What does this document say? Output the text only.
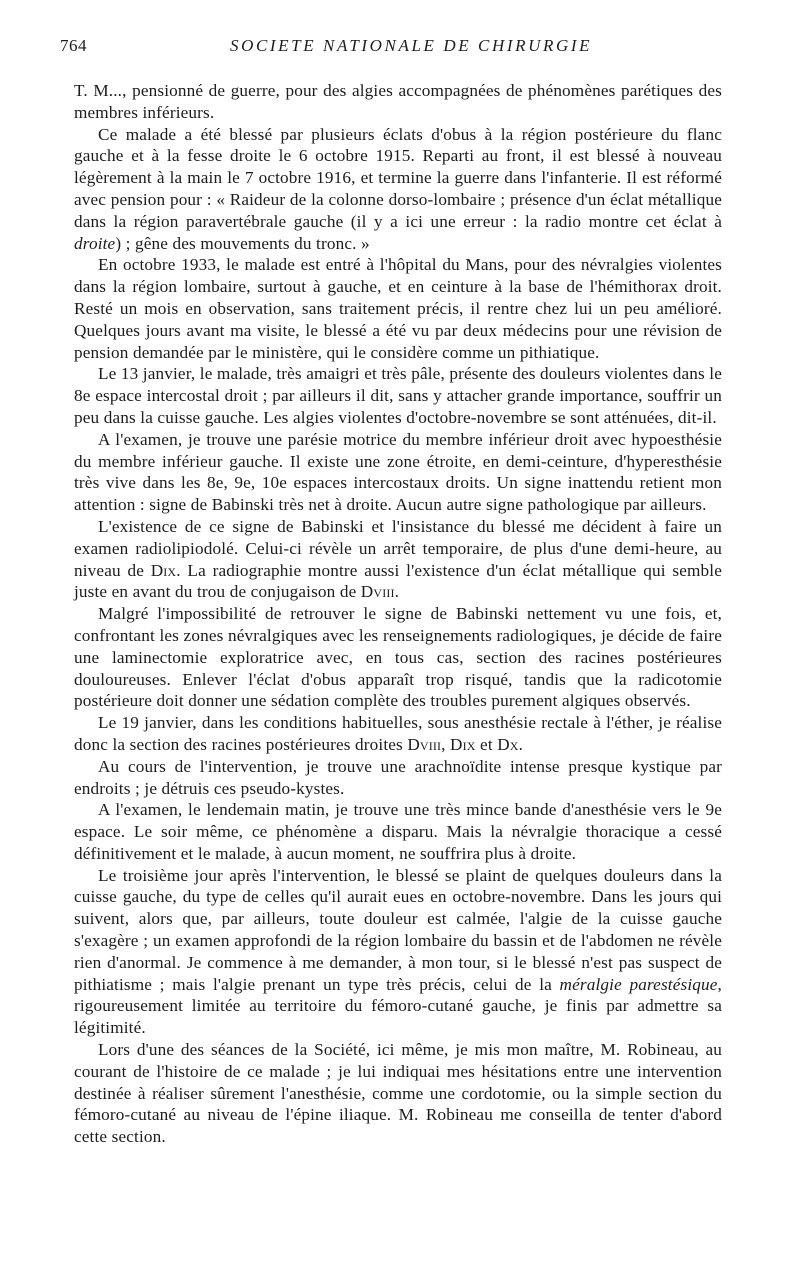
764	SOCIETE NATIONALE DE CHIRURGIE

T. M..., pensionné de guerre, pour des algies accompagnées de phénomènes parétiques des membres inférieurs.

Ce malade a été blessé par plusieurs éclats d'obus à la région postérieure du flanc gauche et à la fesse droite le 6 octobre 1915. Reparti au front, il est blessé à nouveau légèrement à la main le 7 octobre 1916, et termine la guerre dans l'infanterie. Il est réformé avec pension pour : « Raideur de la colonne dorso-lombaire ; présence d'un éclat métallique dans la région paravertébrale gauche (il y a ici une erreur : la radio montre cet éclat à droite) ; gêne des mouvements du tronc. »

En octobre 1933, le malade est entré à l'hôpital du Mans, pour des névralgies violentes dans la région lombaire, surtout à gauche, et en ceinture à la base de l'hémithorax droit. Resté un mois en observation, sans traitement précis, il rentre chez lui un peu amélioré. Quelques jours avant ma visite, le blessé a été vu par deux médecins pour une révision de pension demandée par le ministère, qui le considère comme un pithiatique.

Le 13 janvier, le malade, très amaigri et très pâle, présente des douleurs violentes dans le 8e espace intercostal droit ; par ailleurs il dit, sans y attacher grande importance, souffrir un peu dans la cuisse gauche. Les algies violentes d'octobre-novembre se sont atténuées, dit-il.

A l'examen, je trouve une parésie motrice du membre inférieur droit avec hypoesthésie du membre inférieur gauche. Il existe une zone étroite, en demi-ceinture, d'hyperesthésie très vive dans les 8e, 9e, 10e espaces intercostaux droits. Un signe inattendu retient mon attention : signe de Babinski très net à droite. Aucun autre signe pathologique par ailleurs.

L'existence de ce signe de Babinski et l'insistance du blessé me décident à faire un examen radiolipiodolé. Celui-ci révèle un arrêt temporaire, de plus d'une demi-heure, au niveau de Dix. La radiographie montre aussi l'existence d'un éclat métallique qui semble juste en avant du trou de conjugaison de Dviii.

Malgré l'impossibilité de retrouver le signe de Babinski nettement vu une fois, et, confrontant les zones névralgiques avec les renseignements radiologiques, je décide de faire une laminectomie exploratrice avec, en tous cas, section des racines postérieures douloureuses. Enlever l'éclat d'obus apparaît trop risqué, tandis que la radicotomie postérieure doit donner une sédation complète des troubles purement algiques observés.

Le 19 janvier, dans les conditions habituelles, sous anesthésie rectale à l'éther, je réalise donc la section des racines postérieures droites Dviii, Dix et Dx.

Au cours de l'intervention, je trouve une arachnoïdite intense presque kystique par endroits ; je détruis ces pseudo-kystes.

A l'examen, le lendemain matin, je trouve une très mince bande d'anesthésie vers le 9e espace. Le soir même, ce phénomène a disparu. Mais la névralgie thoracique a cessé définitivement et le malade, à aucun moment, ne souffrira plus à droite.

Le troisième jour après l'intervention, le blessé se plaint de quelques douleurs dans la cuisse gauche, du type de celles qu'il aurait eues en octobre-novembre. Dans les jours qui suivent, alors que, par ailleurs, toute douleur est calmée, l'algie de la cuisse gauche s'exagère ; un examen approfondi de la région lombaire du bassin et de l'abdomen ne révèle rien d'anormal. Je commence à me demander, à mon tour, si le blessé n'est pas suspect de pithiatisme ; mais l'algie prenant un type très précis, celui de la méralgie parestésique, rigoureusement limitée au territoire du fémoro-cutané gauche, je finis par admettre sa légitimité.

Lors d'une des séances de la Société, ici même, je mis mon maître, M. Robineau, au courant de l'histoire de ce malade ; je lui indiquai mes hésitations entre une intervention destinée à réaliser sûrement l'anesthésie, comme une cordotomie, ou la simple section du fémoro-cutané au niveau de l'épine iliaque. M. Robineau me conseilla de tenter d'abord cette section.
